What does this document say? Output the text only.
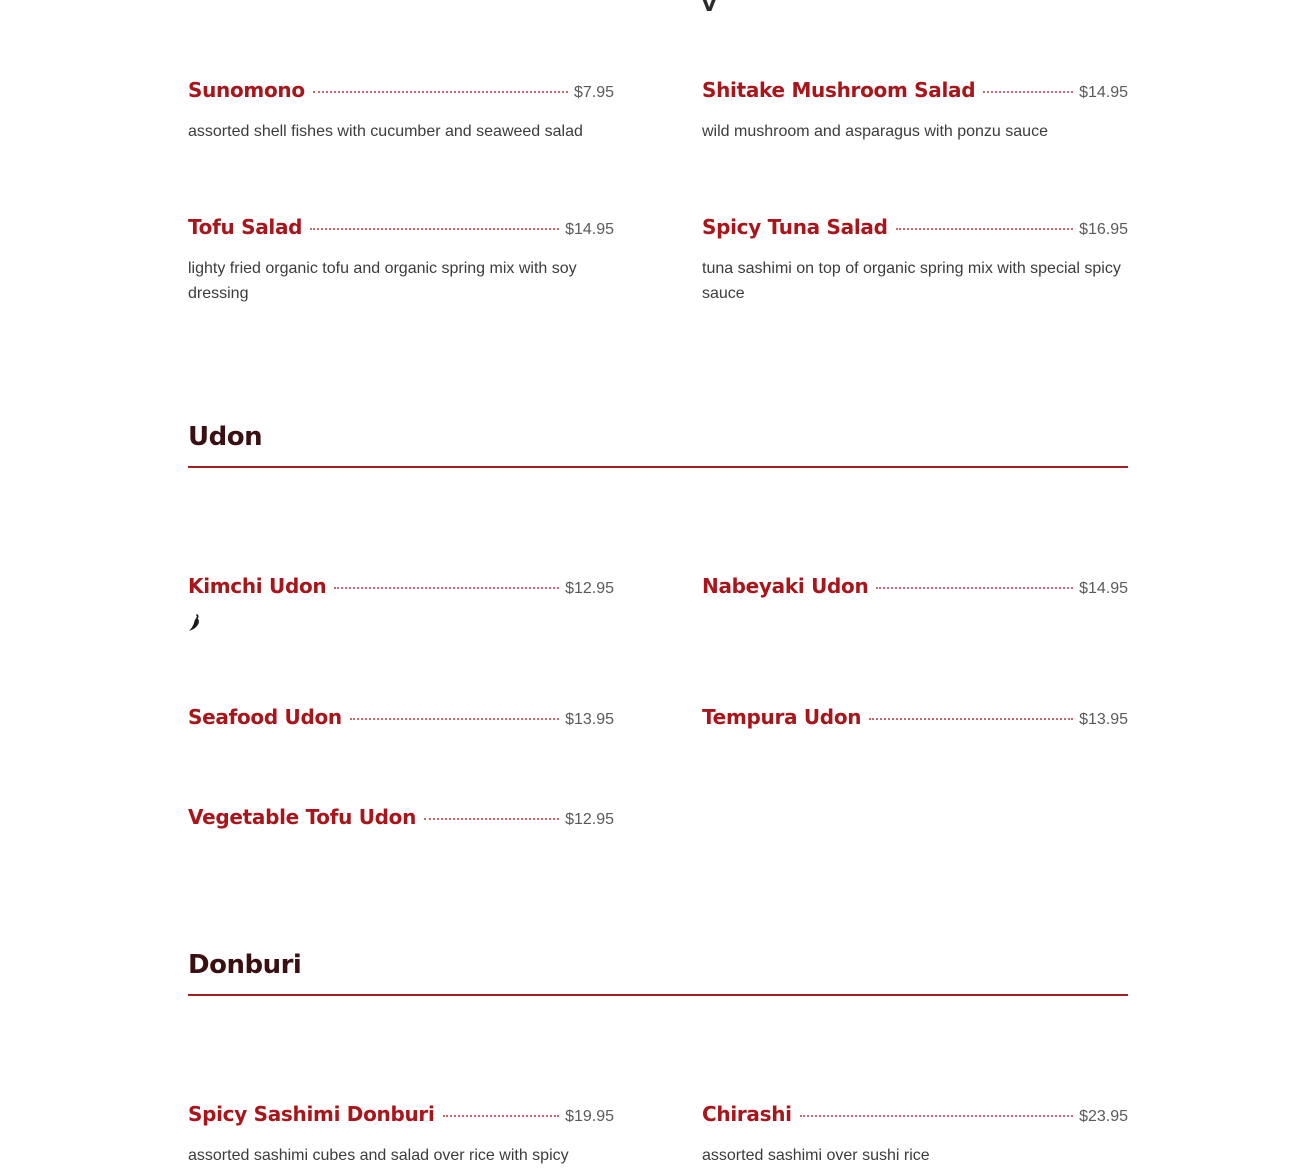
v
Sunomono	$7.95
assorted shell fishes with cucumber and seaweed salad
Shitake Mushroom Salad	$14.95
wild mushroom and asparagus with ponzu sauce
Tofu Salad	$14.95
lighty fried organic tofu and organic spring mix with soy dressing
Spicy Tuna Salad	$16.95
tuna sashimi on top of organic spring mix with special spicy sauce
Udon
Kimchi Udon	$12.95	Nabeyaki Udon	$14.95
Seafood Udon	$13.95	Tempura Udon	$13.95
Vegetable Tofu Udon	$12.95
Donburi
Spicy Sashimi Donburi	$19.95
assorted sashimi cubes and salad over rice with spicy
Chirashi	$23.95
assorted sashimi over sushi rice
